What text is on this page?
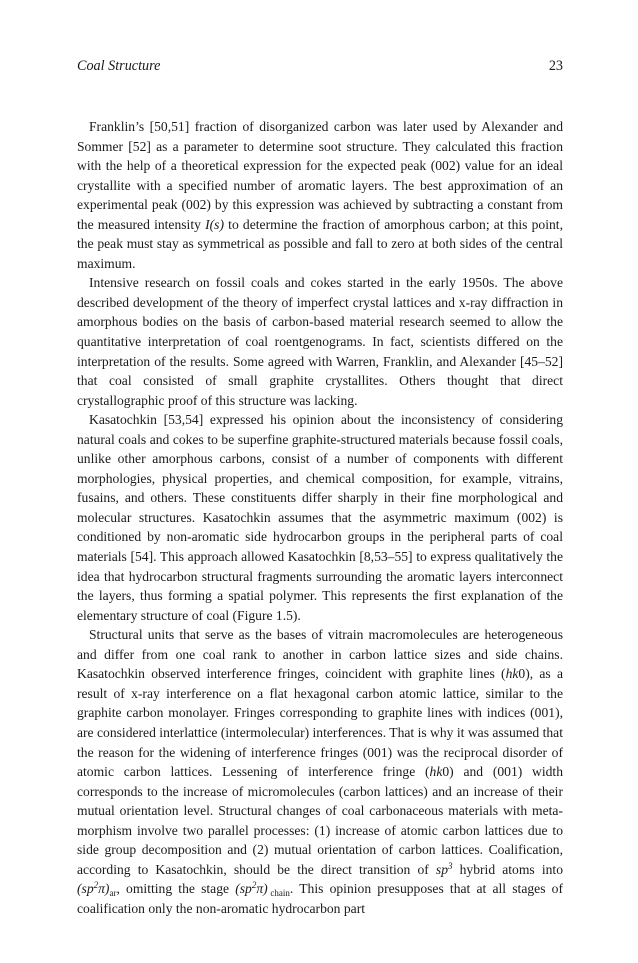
Coal Structure	23

Franklin’s [50,51] fraction of disorganized carbon was later used by Alexander and Sommer [52] as a parameter to determine soot structure. They calculated this fraction with the help of a theoretical expression for the expected peak (002) value for an ideal crystallite with a specified number of aromatic layers. The best approximation of an experimental peak (002) by this expression was achieved by subtracting a constant from the measured intensity I(s) to determine the fraction of amorphous carbon; at this point, the peak must stay as symmetrical as possible and fall to zero at both sides of the central maximum.

Intensive research on fossil coals and cokes started in the early 1950s. The above described development of the theory of imperfect crystal lattices and x-ray diffraction in amorphous bodies on the basis of carbon-based material research seemed to allow the quantitative interpretation of coal roentgenograms. In fact, scientists differed on the interpretation of the results. Some agreed with Warren, Franklin, and Alexander [45–52] that coal consisted of small graphite crystallites. Others thought that direct crystallographic proof of this structure was lacking.

Kasatochkin [53,54] expressed his opinion about the inconsistency of considering natural coals and cokes to be superfine graphite-structured materials because fossil coals, unlike other amorphous carbons, consist of a number of components with different morphologies, physical properties, and chemical composition, for example, vitrains, fusains, and others. These constituents differ sharply in their fine morphological and molecular structures. Kasatochkin assumes that the asymmetric maximum (002) is conditioned by non-aromatic side hydrocarbon groups in the peripheral parts of coal materials [54]. This approach allowed Kasatochkin [8,53–55] to express qualitatively the idea that hydrocarbon structural fragments surrounding the aromatic layers interconnect the layers, thus forming a spatial polymer. This represents the first explanation of the elementary structure of coal (Figure 1.5).

Structural units that serve as the bases of vitrain macromolecules are heterogeneous and differ from one coal rank to another in carbon lattice sizes and side chains. Kasatochkin observed interference fringes, coincident with graphite lines (hk0), as a result of x-ray interference on a flat hexagonal carbon atomic lattice, similar to the graphite carbon monolayer. Fringes corresponding to graphite lines with indices (001), are considered interlattice (intermolecular) interferences. That is why it was assumed that the reason for the widening of interference fringes (001) was the reciprocal disorder of atomic carbon lattices. Lessening of interference fringe (hk0) and (001) width corresponds to the increase of micromolecules (carbon lattices) and an increase of their mutual orientation level. Structural changes of coal carbonaceous materials with metamorphism involve two parallel processes: (1) increase of atomic carbon lattices due to side group decomposition and (2) mutual orientation of carbon lattices. Coalification, according to Kasatochkin, should be the direct transition of $sp^3$ hybrid atoms into $(sp^2\pi)_{ar}$, omitting the stage $(sp^2\pi)$  $_{chain}$. This opinion presupposes that at all stages of coalification only the non-aromatic hydrocarbon part
